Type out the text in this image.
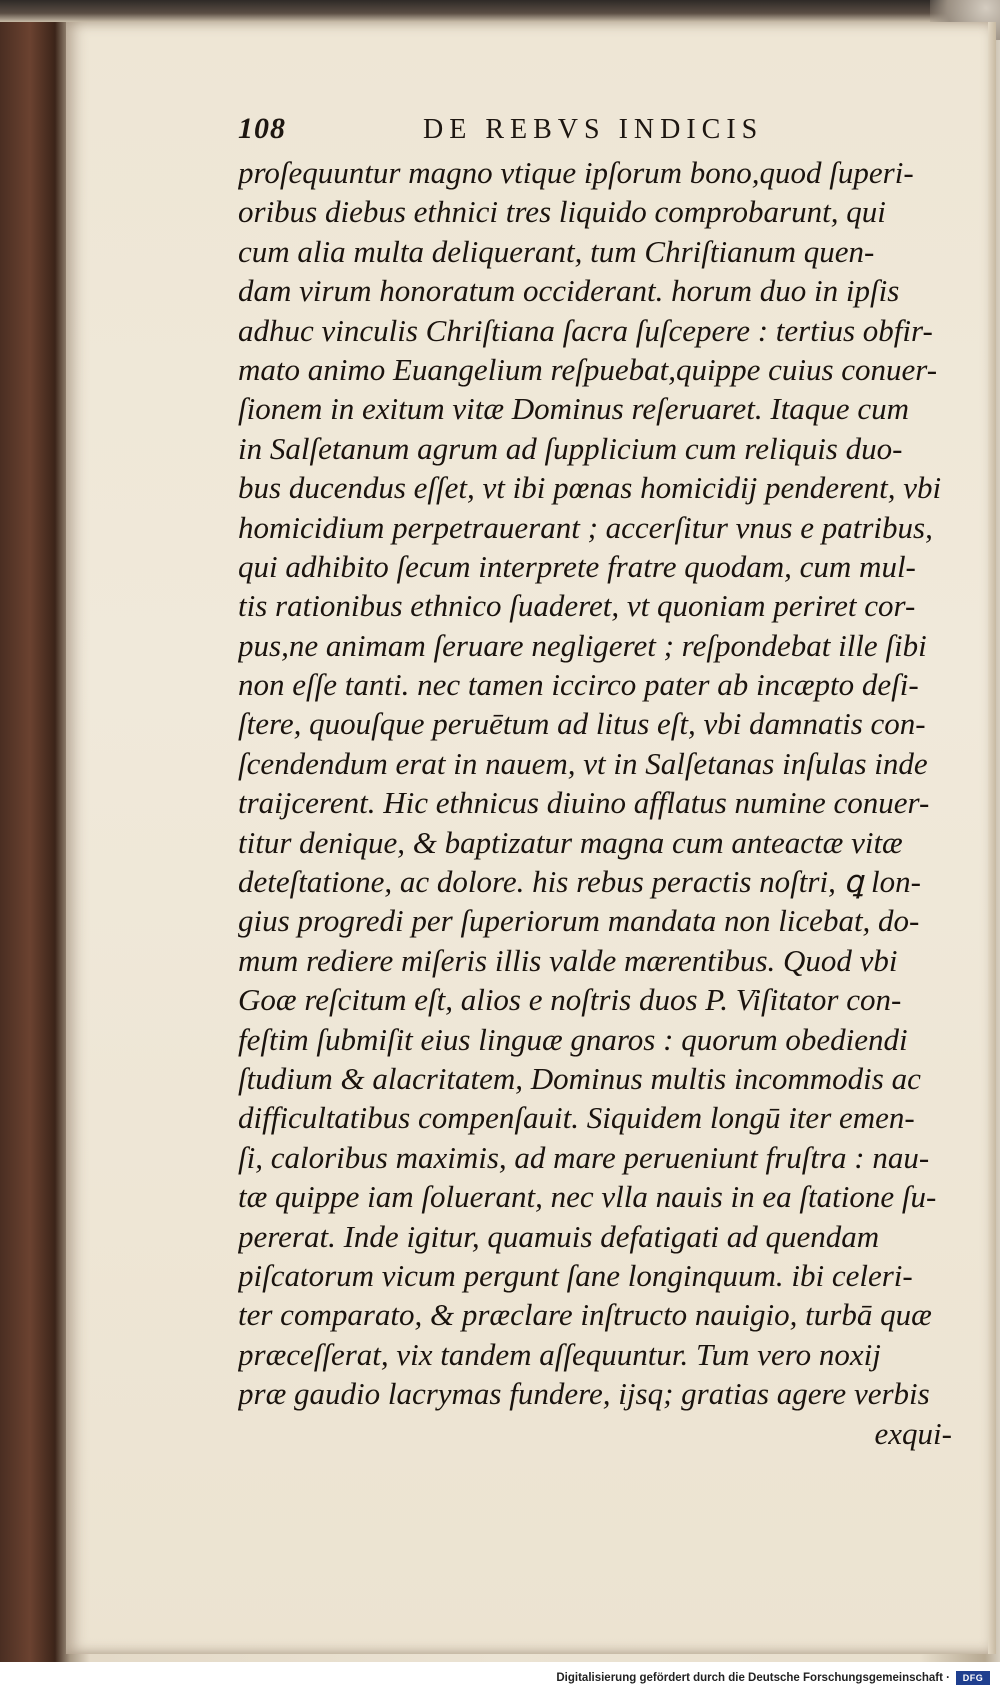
108	DE REBVS INDICIS
proſequuntur magno vtique ipſorum bono,quod ſuperi-
oribus diebus ethnici tres liquido comprobarunt, qui
cum alia multa deliquerant, tum Chriſtianum quen-
dam virum honoratum occiderant. horum duo in ipſis
adhuc vinculis Chriſtiana ſacra ſuſcepere : tertius obfir-
mato animo Euangelium reſpuebat,quippe cuius conuer-
ſionem in exitum vitæ Dominus reſeruaret. Itaque cum
in Salſetanum agrum ad ſupplicium cum reliquis duo-
bus ducendus eſſet, vt ibi pœnas homicidij penderent, vbi
homicidium perpetrauerant ; accerſitur vnus e patribus,
qui adhibito ſecum interprete fratre quodam, cum mul-
tis rationibus ethnico ſuaderet, vt quoniam periret cor-
pus,ne animam ſeruare negligeret ; reſpondebat ille ſibi
non eſſe tanti. nec tamen iccirco pater ab incæpto deſi-
ſtere, quouſque peruētum ad litus eſt, vbi damnatis con-
ſcendendum erat in nauem, vt in Salſetanas inſulas inde
traijcerent. Hic ethnicus diuino afflatus numine conuer-
titur denique, & baptizatur magna cum anteactæ vitæ
deteſtatione, ac dolore. his rebus peractis noſtri, ꝗ lon-
gius progredi per ſuperiorum mandata non licebat, do-
mum rediere miſeris illis valde mærentibus. Quod vbi
Goæ reſcitum eſt, alios e noſtris duos P. Viſitator con-
feſtim ſubmiſit eius linguæ gnaros : quorum obediendi
ſtudium & alacritatem, Dominus multis incommodis ac
difficultatibus compenſauit. Siquidem longū iter emen-
ſi, caloribus maximis, ad mare perueniunt fruſtra : nau-
tæ quippe iam ſoluerant, nec vlla nauis in ea ſtatione ſu-
pererat. Inde igitur, quamuis defatigati ad quendam
piſcatorum vicum pergunt ſane longinquum. ibi celeri-
ter comparato, & præclare inſtructo nauigio, turbā quæ
præceſſerat, vix tandem aſſequuntur. Tum vero noxij
præ gaudio lacrymas fundere, ijsq; gratias agere verbis
exqui-
Digitalisierung gefördert durch die Deutsche Forschungsgemeinschaft ·	DFG
